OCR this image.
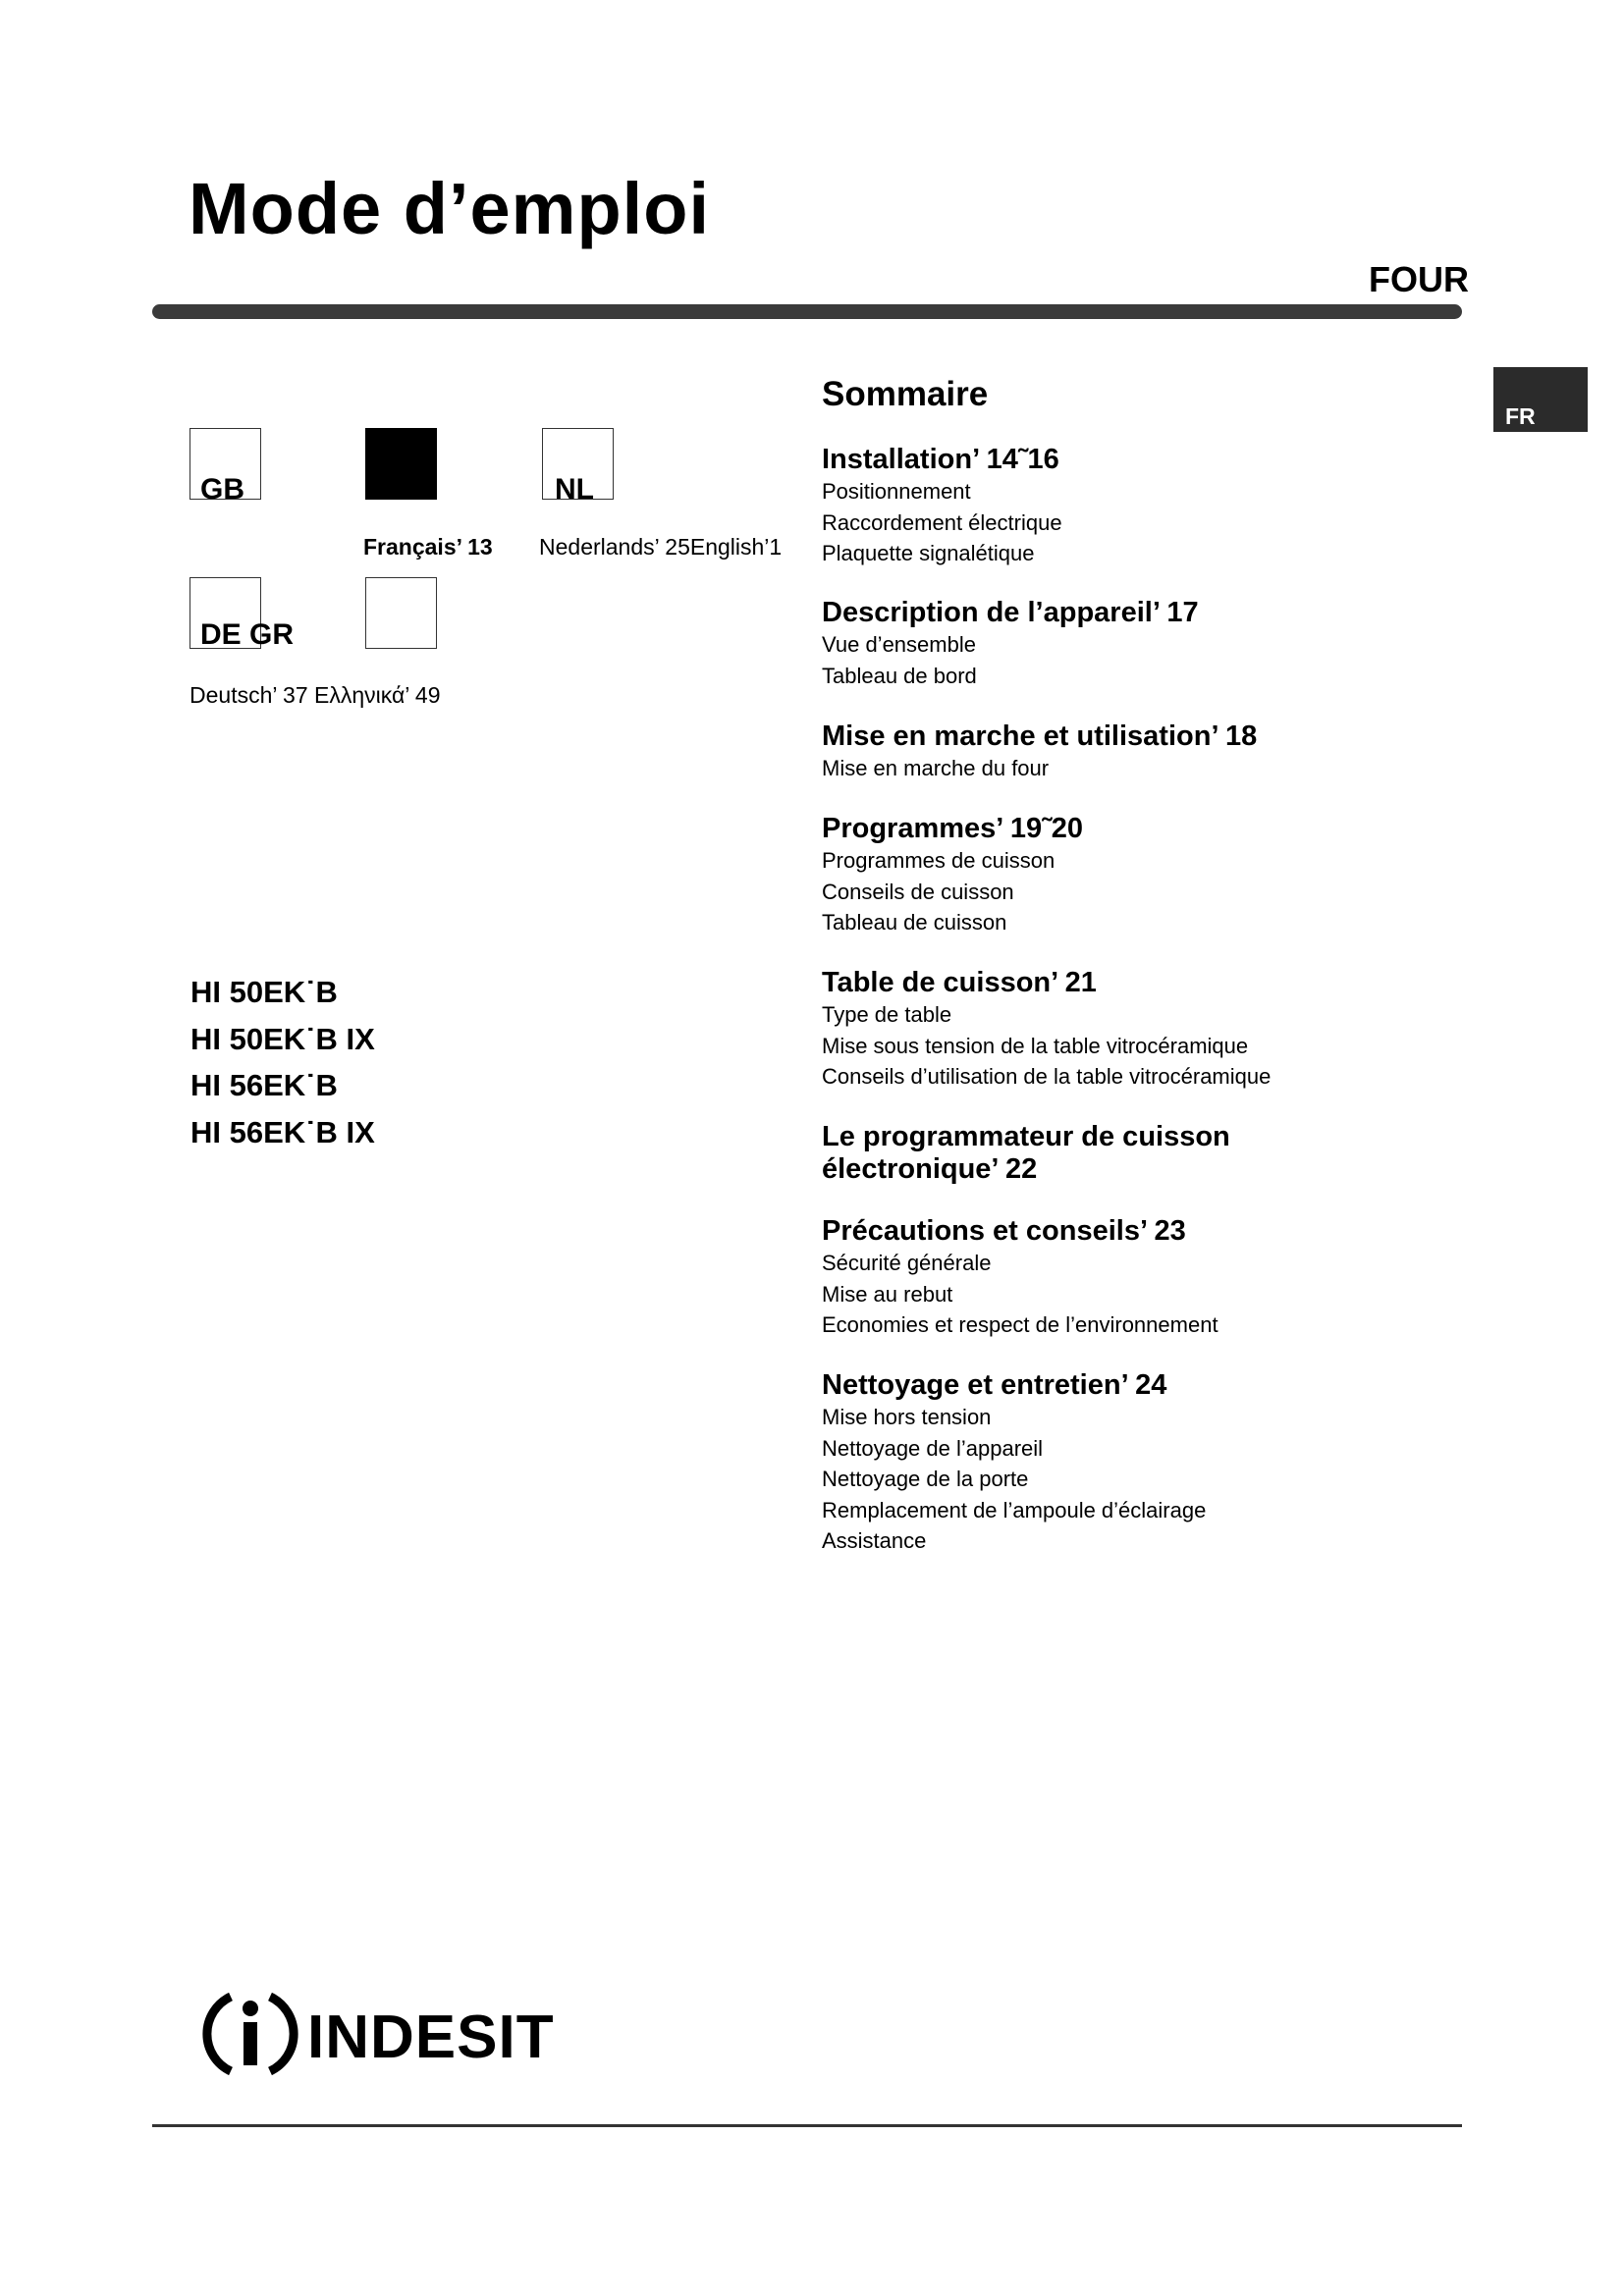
Mode d’emploi
FOUR
FR
GB	NL
Français’ 13 Nederlands’ 25English’1
DE GR
Deutsch’ 37 Ελληνικά’ 49
HI 50EK˙B
HI 50EK˙B IX
HI 56EK˙B
HI 56EK˙B IX
Sommaire
Installation’ 14˜16
Positionnement
Raccordement électrique
Plaquette signalétique
Description de l’appareil’ 17
Vue d’ensemble
Tableau de bord
Mise en marche et utilisation’ 18
Mise en marche du four
Programmes’ 19˜20
Programmes de cuisson
Conseils de cuisson
Tableau de cuisson
Table de cuisson’ 21
Type de table
Mise sous tension de la table vitrocéramique
Conseils d’utilisation de la table vitrocéramique
Le programmateur de cuisson électronique’ 22
Précautions et conseils’ 23
Sécurité générale
Mise au rebut
Economies et respect de l’environnement
Nettoyage et entretien’ 24
Mise hors tension
Nettoyage de l’appareil
Nettoyage de la porte
Remplacement de l’ampoule d’éclairage
Assistance
INDESIT
